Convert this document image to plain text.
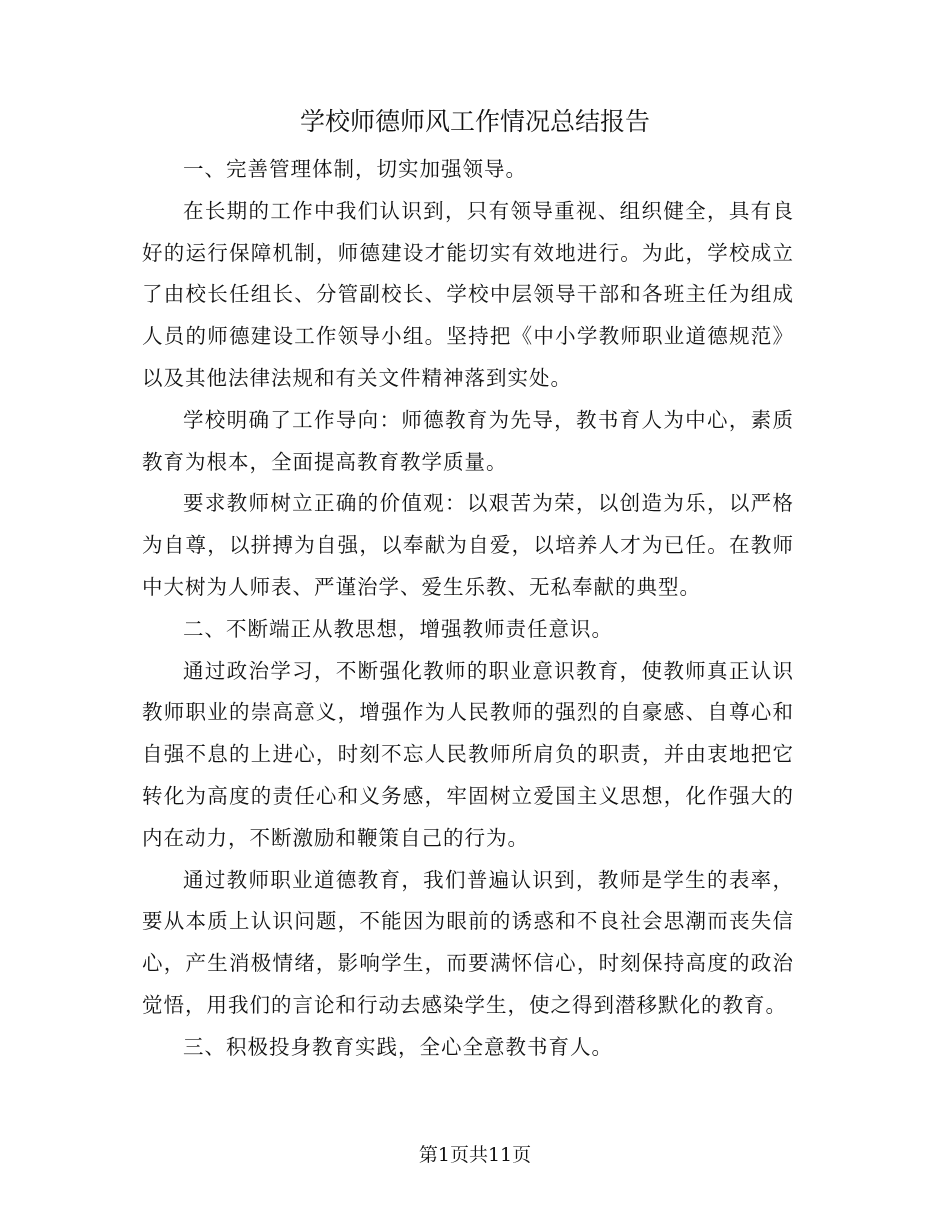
学校师德师风工作情况总结报告

一、完善管理体制，切实加强领导。

在长期的工作中我们认识到，只有领导重视、组织健全，具有良好的运行保障机制，师德建设才能切实有效地进行。为此，学校成立了由校长任组长、分管副校长、学校中层领导干部和各班主任为组成人员的师德建设工作领导小组。坚持把《中小学教师职业道德规范》以及其他法律法规和有关文件精神落到实处。

学校明确了工作导向：师德教育为先导，教书育人为中心，素质教育为根本，全面提高教育教学质量。

要求教师树立正确的价值观：以艰苦为荣，以创造为乐，以严格为自尊，以拼搏为自强，以奉献为自爱，以培养人才为已任。在教师中大树为人师表、严谨治学、爱生乐教、无私奉献的典型。

二、不断端正从教思想，增强教师责任意识。

通过政治学习，不断强化教师的职业意识教育，使教师真正认识教师职业的崇高意义，增强作为人民教师的强烈的自豪感、自尊心和自强不息的上进心，时刻不忘人民教师所肩负的职责，并由衷地把它转化为高度的责任心和义务感，牢固树立爱国主义思想，化作强大的内在动力，不断激励和鞭策自己的行为。

通过教师职业道德教育，我们普遍认识到，教师是学生的表率，要从本质上认识问题，不能因为眼前的诱惑和不良社会思潮而丧失信心，产生消极情绪，影响学生，而要满怀信心，时刻保持高度的政治觉悟，用我们的言论和行动去感染学生，使之得到潜移默化的教育。

三、积极投身教育实践，全心全意教书育人。

第1页共11页
